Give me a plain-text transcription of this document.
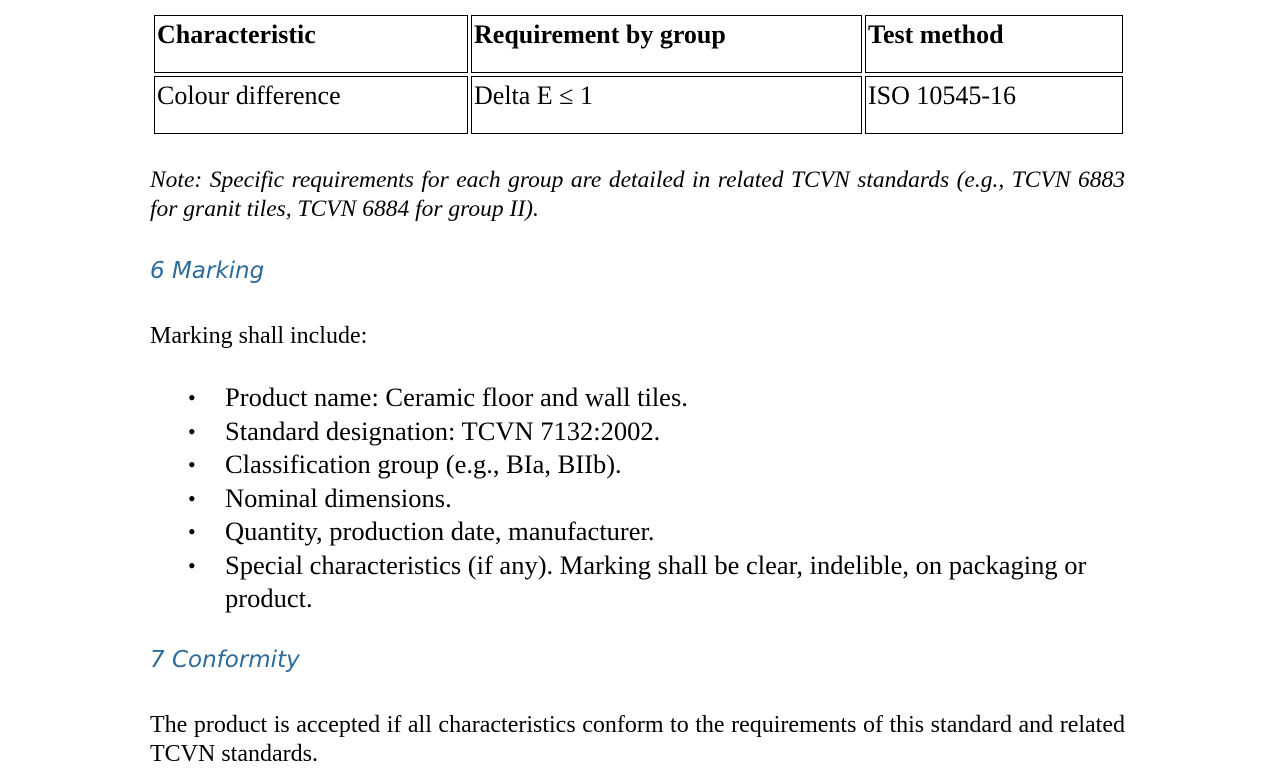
Characteristic	Requirement by group	Test method
Colour difference	Delta E ≤ 1	ISO 10545-16

Note: Specific requirements for each group are detailed in related TCVN standards (e.g., TCVN 6883 for granit tiles, TCVN 6884 for group II).

6 Marking

Marking shall include:

• Product name: Ceramic floor and wall tiles.
• Standard designation: TCVN 7132:2002.
• Classification group (e.g., BIa, BIIb).
• Nominal dimensions.
• Quantity, production date, manufacturer.
• Special characteristics (if any). Marking shall be clear, indelible, on packaging or product.
7 Conformity

The product is accepted if all characteristics conform to the requirements of this standard and related TCVN standards.
